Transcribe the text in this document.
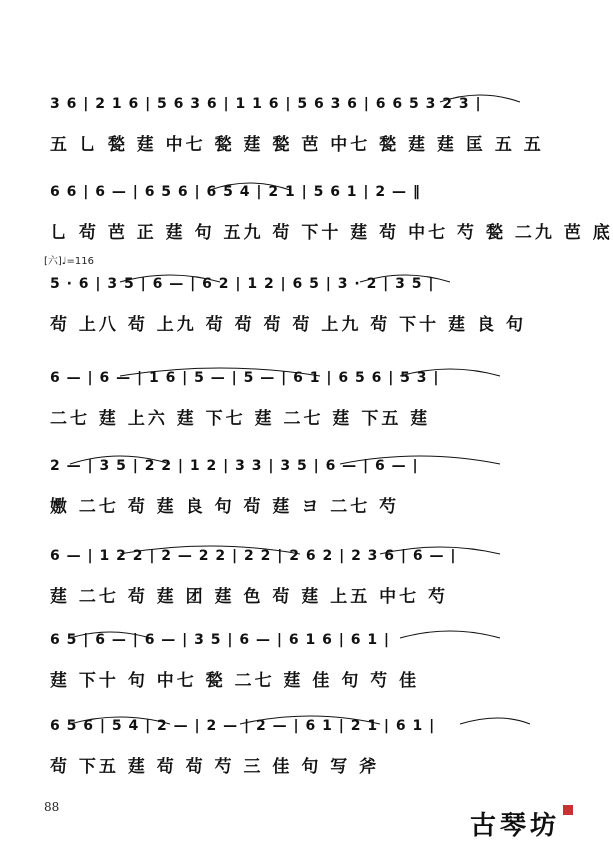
3 6 | 2 1 6 | 5 6 3 6 | 1 1 6 | 5 6 3 6 | 6 6 5 3 2 3 |
五 乚 甃 莛 中七 甃 莛 甃 芭 中七 甃 莛 莛 匡 五 五
6 6 | 6 — | 6 5 6 | 6 5 4 | 2 1 | 5 6 1 | 2 — ‖
乚 茍 芭 正 莛 句 五九 茍 下十 莛 茍 中七 芍 甃 二九 芭 底
[六]♩=116
5 · 6 | 3 5 | 6 — | 6 2 | 1 2 | 6 5 | 3 · 2 | 3 5 |
茍 上八 茍 上九 茍 茍 茍 茍 上九 茍 下十 莛 良 句
6 — | 6 — | 1 6 | 5 — | 5 — | 6 1 | 6 5 6 | 5 3 |
二七 莛 上六 莛 下七 莛 二七 莛 下五 莛
2 — | 3 5 | 2 2 | 1 2 | 3 3 | 3 5 | 6 — | 6 — |
嫐 二七 茍 莛 良 句 茍 莛 ヨ 二七 芍
6 — | 1 2 2 | 2 — 2 2 | 2 2 | 2 6 2 | 2 3 6 | 6 — |
莛 二七 茍 莛 团 莛 色 茍 莛 上五 中七 芍
6 5 | 6 — | 6 — | 3 5 | 6 — | 6 1 6 | 6 1 |
莛 下十 句 中七 甃 二七 莛 佳 句 芍 佳
6 5 6 | 5 4 | 2 — | 2 — | 2 — | 6 1 | 2 1 | 6 1 |
茍 下五 莛 茍 茍 芍 三 佳 句 写 斧
88
古琴坊
